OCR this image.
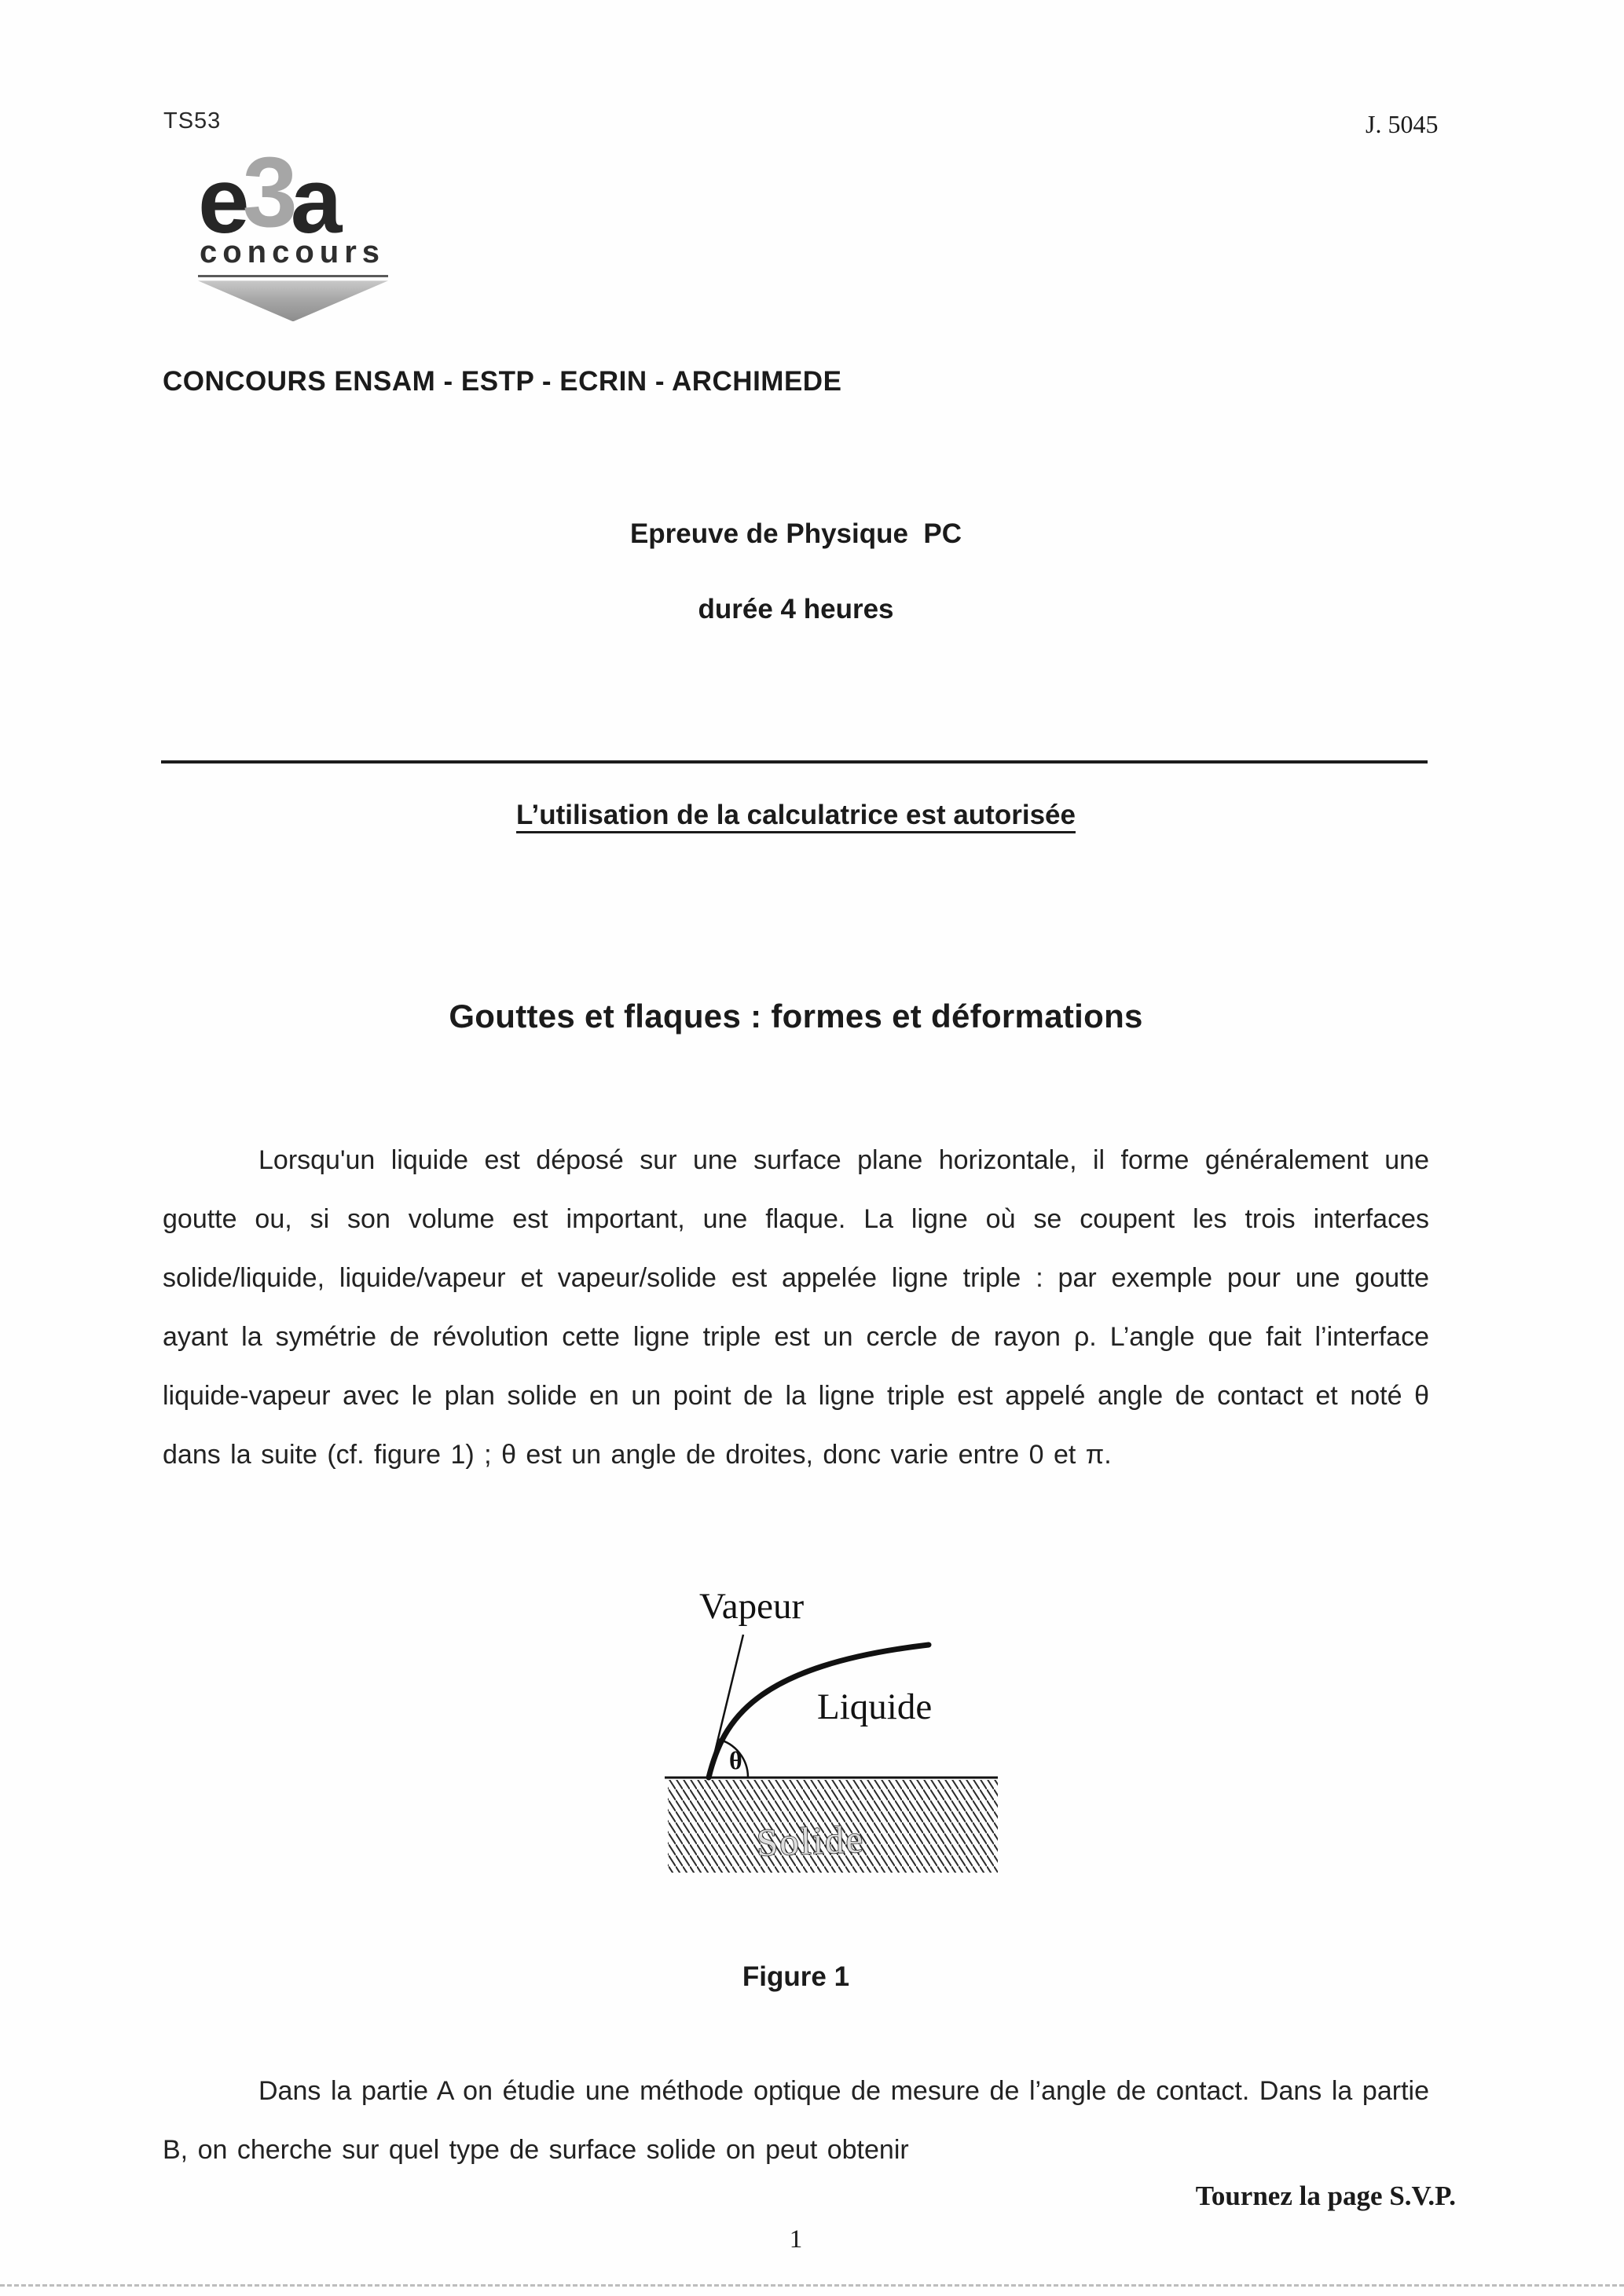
TS53	J. 5045
e3a
concours
CONCOURS ENSAM - ESTP - ECRIN - ARCHIMEDE
Epreuve de Physique  PC
durée 4 heures
L’utilisation de la calculatrice est autorisée
Gouttes et flaques : formes et déformations

Lorsqu'un liquide est déposé sur une surface plane horizontale, il forme généralement une goutte ou, si son volume est important, une flaque. La ligne où se coupent les trois interfaces solide/liquide, liquide/vapeur et vapeur/solide est appelée ligne triple : par exemple pour une goutte ayant la symétrie de révolution cette ligne triple est un cercle de rayon ρ. L’angle que fait l’interface liquide-vapeur avec le plan solide en un point de la ligne triple est appelé angle de contact et noté θ dans la suite (cf. figure 1) ; θ est un angle de droites, donc varie entre 0 et π.

Vapeur
θ
Liquide
Solide
Figure 1

Dans la partie A on étudie une méthode optique de mesure de l’angle de contact. Dans la partie B, on cherche sur quel type de surface solide on peut obtenir

Tournez la page S.V.P.
1
